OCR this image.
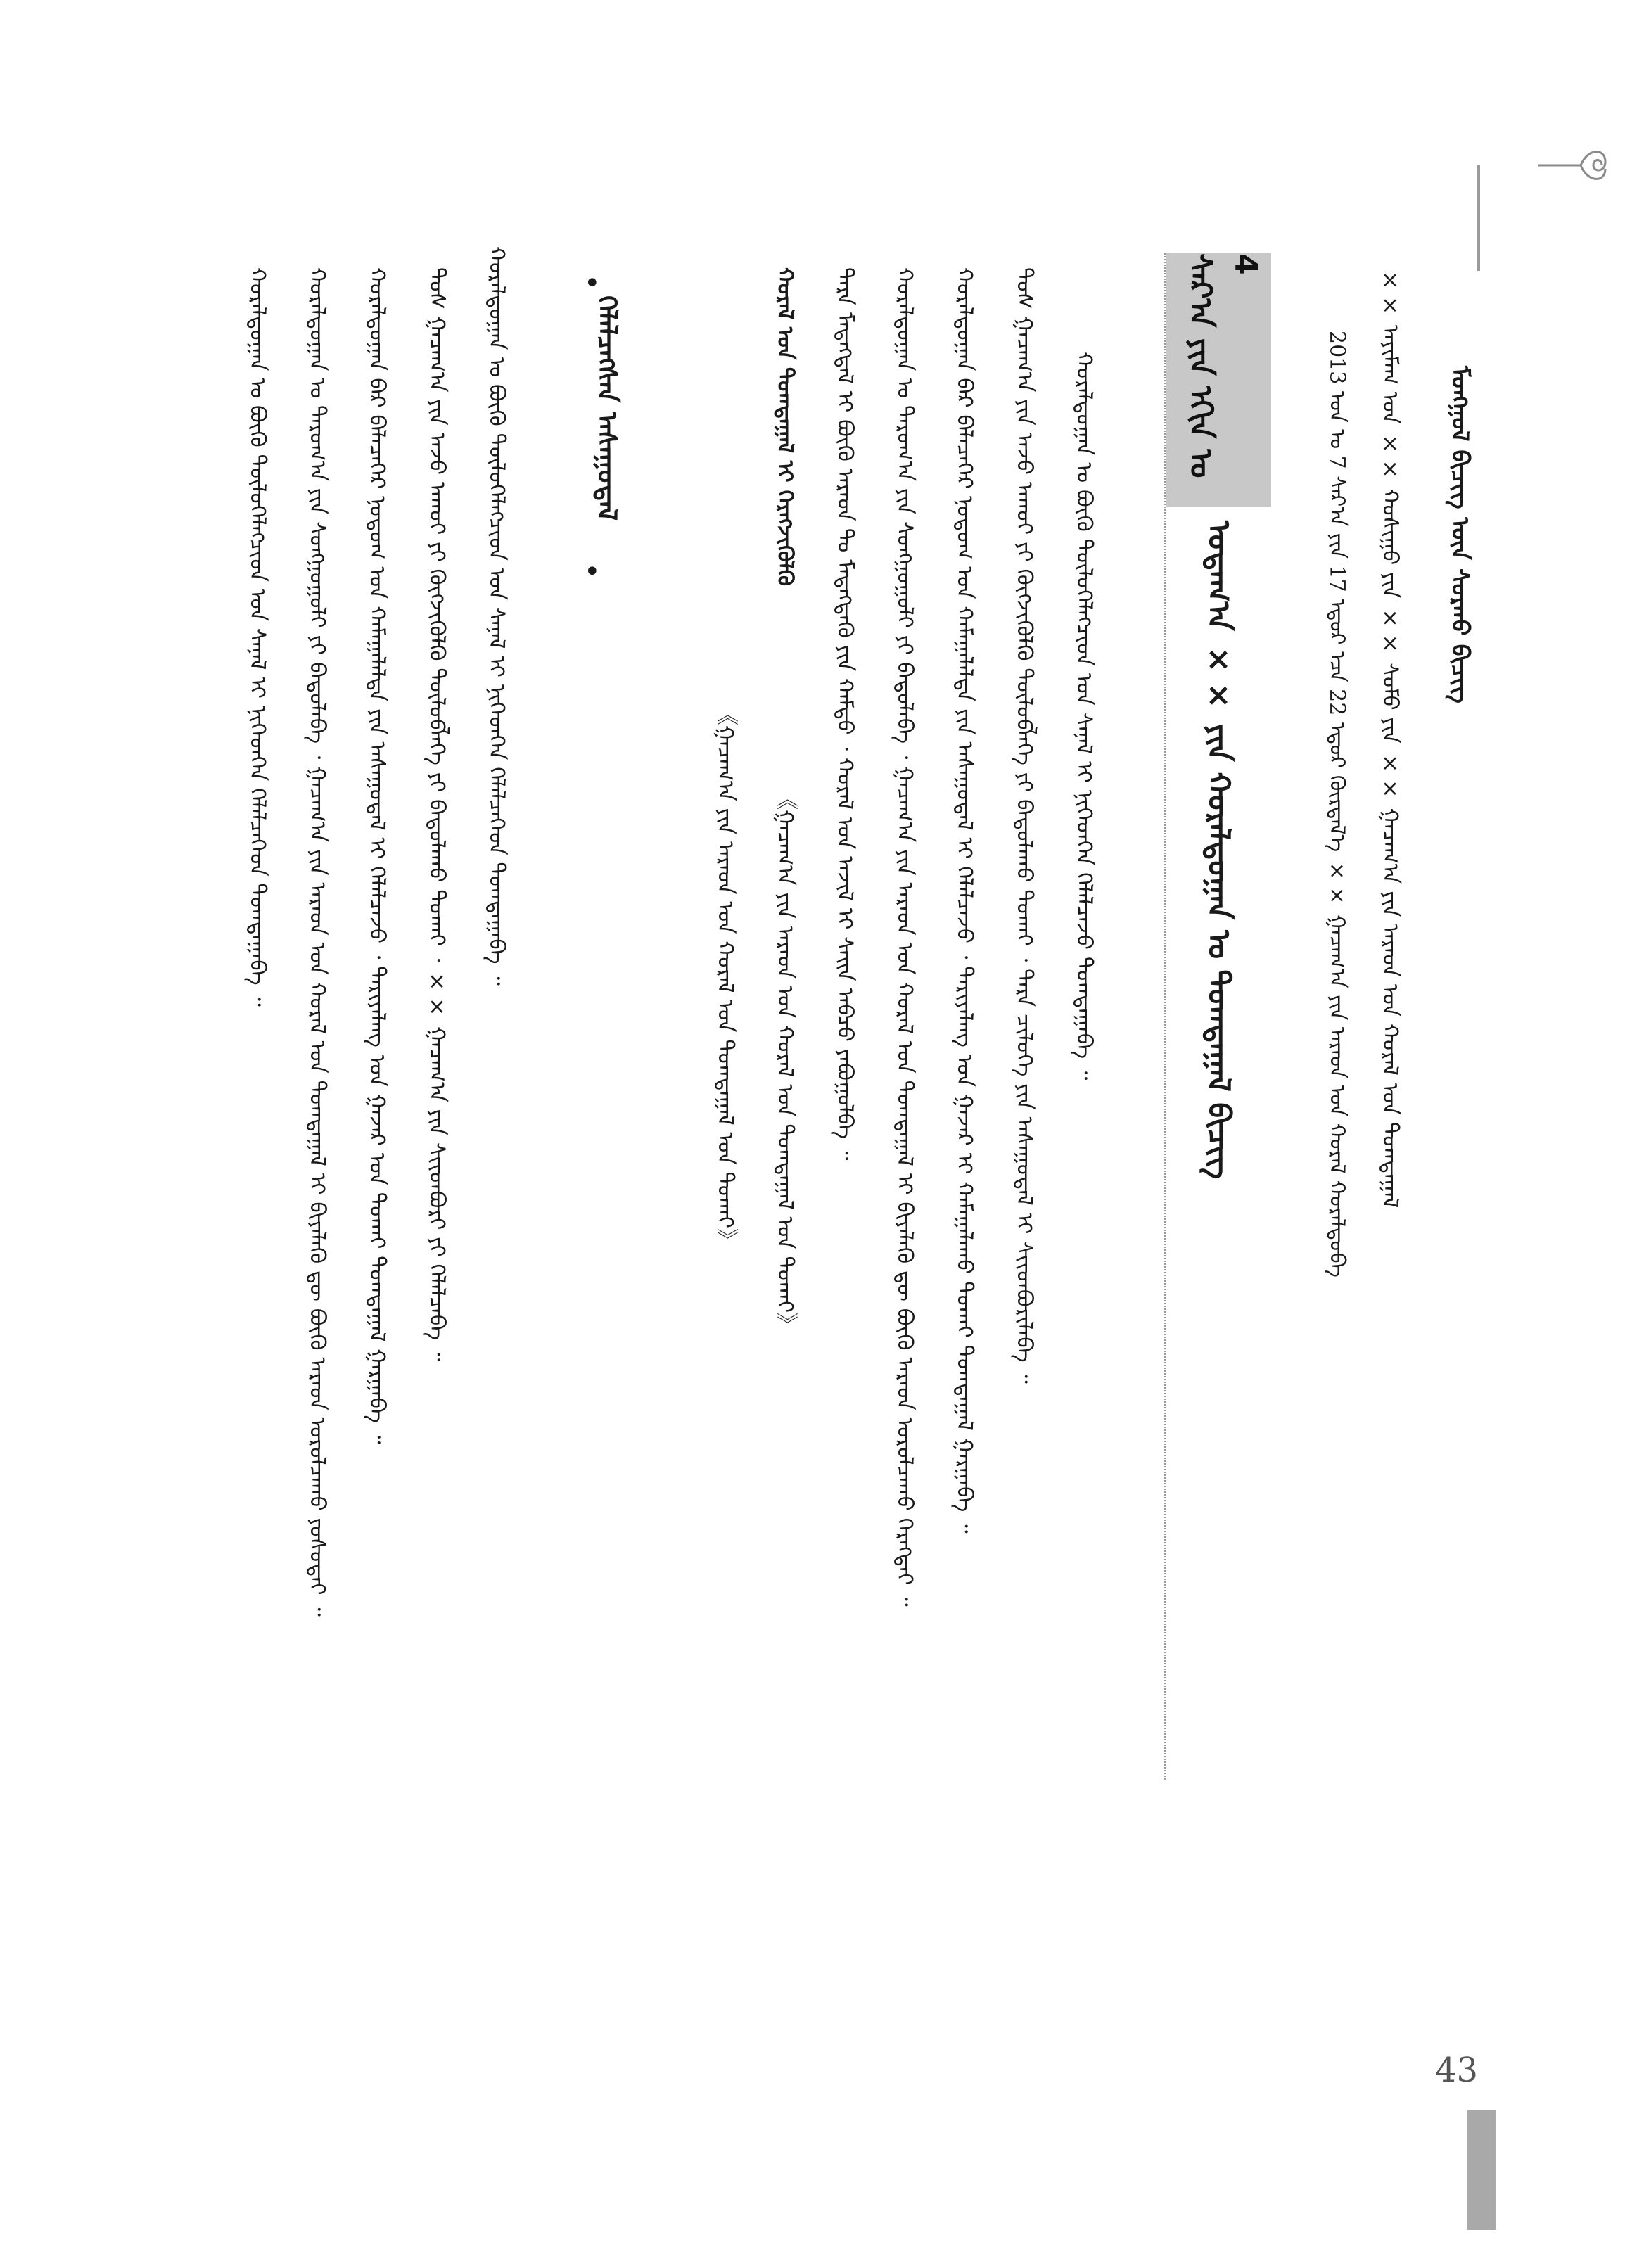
ᠮᠣᠩᠭᠣᠯ ᠪᠢᠴᠢᠭ ᠦᠨ ᠰᠤᠷᠬᠤ ᠪᠢᠴᠢᠭ
×× ᠠᠶᠢᠮᠠᠭ ᠤᠨ ×× ᠬᠣᠰᠢᠭᠤ ᠶᠢᠨ ×× ᠰᠤᠮᠤ ᠶᠢᠨ ×× ᠭᠠᠴᠠᠭ᠎ᠠ ᠶᠢᠨ ᠠᠷᠠᠳ ᠤᠨ ᠬᠤᠷᠠᠯ ᠤᠨ ᠲᠣᠭᠲᠠᠭᠠᠯ
2013 ᠣᠨ ᠤ 7 ᠰᠠᠷ᠎ᠠ ᠶᠢᠨ 17 ᠡᠳᠦᠷ ᠡᠴᠡ 22 ᠡᠳᠦᠷ ᠬᠦᠷᠲᠡᠯ᠎ᠡ ×× ᠭᠠᠴᠠᠭ᠎ᠠ ᠶᠢᠨ ᠠᠷᠠᠳ ᠤᠨ ᠬᠤᠷᠠᠯ ᠬᠤᠷᠠᠯᠳᠤᠪᠠ
ᠰᠠᠷ᠎ᠠ ᠶᠢᠨ ᠡᠬᠢᠨ ᠤ 4
ᠤᠳᠠᠭ᠎ᠠ ×× ᠶᠢᠨ ᠬᠤᠷᠠᠯᠳᠤᠭᠠᠨ ᠤ ᠲᠣᠭᠲᠠᠭᠠᠯ ᠪᠢᠴᠢᠭ
ᠬᠤᠷᠠᠯᠳᠤᠭᠠᠨ ᠤ ᠪᠦᠬᠦ ᠲᠥᠯᠥᠭᠡᠯᠡᠭᠴᠢᠳ ᠤᠨ ᠰᠠᠨᠠᠯ ᠢ ᠨᠢᠭᠡᠳᠬᠡᠨ ᠬᠡᠯᠡᠯᠴᠡᠵᠦ ᠲᠣᠭᠲᠠᠭᠠᠪᠠ ᠃
ᠲᠤᠰ ᠭᠠᠴᠠᠭ᠎ᠠ ᠶᠢᠨ ᠠᠵᠤ ᠠᠬᠤᠢ ᠶᠢ ᠬᠥᠭᠵᠢᠭᠦᠯᠬᠦ ᠲᠥᠯᠥᠪᠯᠡᠭᠡ ᠶᠢ ᠪᠠᠲᠤᠯᠠᠬᠤ ᠲᠤᠬᠠᠢ ᠂ ᠲᠡᠷᠡ ᠴᠢᠯᠦᠭᠡ ᠶᠢᠨ ᠠᠰᠠᠭᠤᠳᠠᠯ ᠢ ᠰᠢᠢᠳᠪᠦᠷᠢᠯᠡᠪᠡ ᠃
ᠬᠤᠷᠠᠯᠳᠤᠭᠠᠨ ᠪᠡᠷ ᠪᠡᠯᠡᠴᠡᠭᠡᠷ ᠨᠤᠲᠤᠭ ᠤᠨ ᠬᠠᠮᠠᠭᠠᠯᠠᠯᠲᠠ ᠶᠢᠨ ᠠᠰᠠᠭᠤᠳᠠᠯ ᠢ ᠬᠡᠯᠡᠯᠴᠡᠵᠦ ᠂ ᠲᠠᠷᠢᠶᠠᠯᠠᠩ ᠤᠨ ᠭᠠᠵᠠᠷ ᠢ ᠬᠠᠮᠠᠭᠠᠯᠠᠬᠤ ᠲᠤᠬᠠᠢ ᠲᠣᠭᠲᠠᠭᠠᠯ ᠭᠠᠷᠭᠠᠪᠠ ᠃
ᠬᠤᠷᠠᠯᠳᠤᠭᠠᠨ ᠤ ᠳᠠᠷᠤᠭ᠎ᠠ ᠶᠢᠨ ᠰᠣᠩᠭᠤᠭᠤᠯᠢ ᠶᠢ ᠪᠠᠲᠤᠯᠠᠪᠠ ᠂ ᠭᠠᠴᠠᠭ᠎ᠠ ᠶᠢᠨ ᠠᠷᠠᠳ ᠤᠨ ᠬᠤᠷᠠᠯ ᠤᠨ ᠲᠣᠭᠲᠠᠭᠠᠯ ᠢ ᠪᠢᠶᠡᠯᠡᠬᠦ ᠳᠦ ᠪᠦᠬᠦ ᠠᠷᠠᠳ ᠣᠷᠣᠯᠴᠠᠬᠤ ᠬᠡᠷᠡᠭᠲᠡᠢ ᠃
ᠲᠡᠷᠡ ᠮᠡᠳᠡᠭᠳᠡᠯ ᠢ ᠪᠦᠬᠦ ᠠᠷᠠᠳ ᠲᠤ ᠮᠡᠳᠡᠭᠳᠡᠬᠦ ᠶᠢᠨ ᠬᠠᠮᠲᠤ ᠂ ᠬᠤᠷᠠᠯ ᠤᠨ ᠠᠵᠢᠯ ᠢ ᠰᠠᠢᠨ ᠠᠪᠴᠤ ᠶᠠᠪᠤᠭᠤᠯᠪᠠ ᠃
ᠬᠤᠷᠠᠯ ᠤᠨ ᠲᠣᠭᠲᠠᠭᠠᠯ ᠢ ᠬᠡᠷᠡᠭᠵᠢᠭᠦᠯᠬᠦ
《ᠭᠠᠴᠠᠭ᠎ᠠ ᠶᠢᠨ ᠠᠷᠠᠳ ᠤᠨ ᠬᠤᠷᠠᠯ ᠤᠨ ᠲᠣᠭᠲᠠᠭᠠᠯ ᠤᠨ ᠲᠤᠬᠠᠢ》
《ᠭᠠᠴᠠᠭ᠎ᠠ ᠶᠢᠨ ᠠᠷᠠᠳ ᠤᠨ ᠬᠤᠷᠠᠯ ᠤᠨ ᠲᠣᠭᠲᠠᠭᠠᠯ ᠤᠨ ᠲᠤᠬᠠᠢ》
•
ᠬᠡᠯᠡᠯᠴᠡᠭᠰᠡᠨ ᠠᠰᠠᠭᠤᠳᠠᠯ
•
ᠬᠤᠷᠠᠯᠳᠤᠭᠠᠨ ᠤ ᠪᠦᠬᠦ ᠲᠥᠯᠥᠭᠡᠯᠡᠭᠴᠢᠳ ᠤᠨ ᠰᠠᠨᠠᠯ ᠢ ᠨᠢᠭᠡᠳᠬᠡᠨ ᠬᠡᠯᠡᠯᠴᠡᠭᠡᠳ ᠲᠣᠭᠲᠠᠭᠠᠪᠠ ᠃
ᠲᠤᠰ ᠭᠠᠴᠠᠭ᠎ᠠ ᠶᠢᠨ ᠠᠵᠤ ᠠᠬᠤᠢ ᠶᠢ ᠬᠥᠭᠵᠢᠭᠦᠯᠬᠦ ᠲᠥᠯᠥᠪᠯᠡᠭᠡ ᠶᠢ ᠪᠠᠲᠤᠯᠠᠬᠤ ᠲᠤᠬᠠᠢ ᠂ ×× ᠭᠠᠴᠠᠭ᠎ᠠ ᠶᠢᠨ ᠰᠢᠢᠳᠪᠦᠷᠢ ᠶᠢ ᠬᠡᠯᠡᠯᠴᠡᠪᠡ ᠃
ᠬᠤᠷᠠᠯᠳᠤᠭᠠᠨ ᠪᠡᠷ ᠪᠡᠯᠡᠴᠡᠭᠡᠷ ᠨᠤᠲᠤᠭ ᠤᠨ ᠬᠠᠮᠠᠭᠠᠯᠠᠯᠲᠠ ᠶᠢᠨ ᠠᠰᠠᠭᠤᠳᠠᠯ ᠢ ᠬᠡᠯᠡᠯᠴᠡᠵᠦ ᠂ ᠲᠠᠷᠢᠶᠠᠯᠠᠩ ᠤᠨ ᠭᠠᠵᠠᠷ ᠤᠨ ᠲᠤᠬᠠᠢ ᠲᠣᠭᠲᠠᠭᠠᠯ ᠭᠠᠷᠭᠠᠪᠠ ᠃
ᠬᠤᠷᠠᠯᠳᠤᠭᠠᠨ ᠤ ᠳᠠᠷᠤᠭ᠎ᠠ ᠶᠢᠨ ᠰᠣᠩᠭᠤᠭᠤᠯᠢ ᠶᠢ ᠪᠠᠲᠤᠯᠠᠪᠠ ᠂ ᠭᠠᠴᠠᠭ᠎ᠠ ᠶᠢᠨ ᠠᠷᠠᠳ ᠤᠨ ᠬᠤᠷᠠᠯ ᠤᠨ ᠲᠣᠭᠲᠠᠭᠠᠯ ᠢ ᠪᠢᠶᠡᠯᠡᠬᠦ ᠳᠦ ᠪᠦᠬᠦ ᠠᠷᠠᠳ ᠣᠷᠣᠯᠴᠠᠬᠤ ᠶᠣᠰᠣᠲᠠᠢ ᠃
ᠬᠤᠷᠠᠯᠳᠤᠭᠠᠨ ᠤ ᠪᠦᠬᠦ ᠲᠥᠯᠥᠭᠡᠯᠡᠭᠴᠢᠳ ᠤᠨ ᠰᠠᠨᠠᠯ ᠢ ᠨᠢᠭᠡᠳᠬᠡᠨ ᠬᠡᠯᠡᠯᠴᠡᠭᠡᠳ ᠲᠣᠭᠲᠠᠭᠠᠪᠠ ᠃
43
